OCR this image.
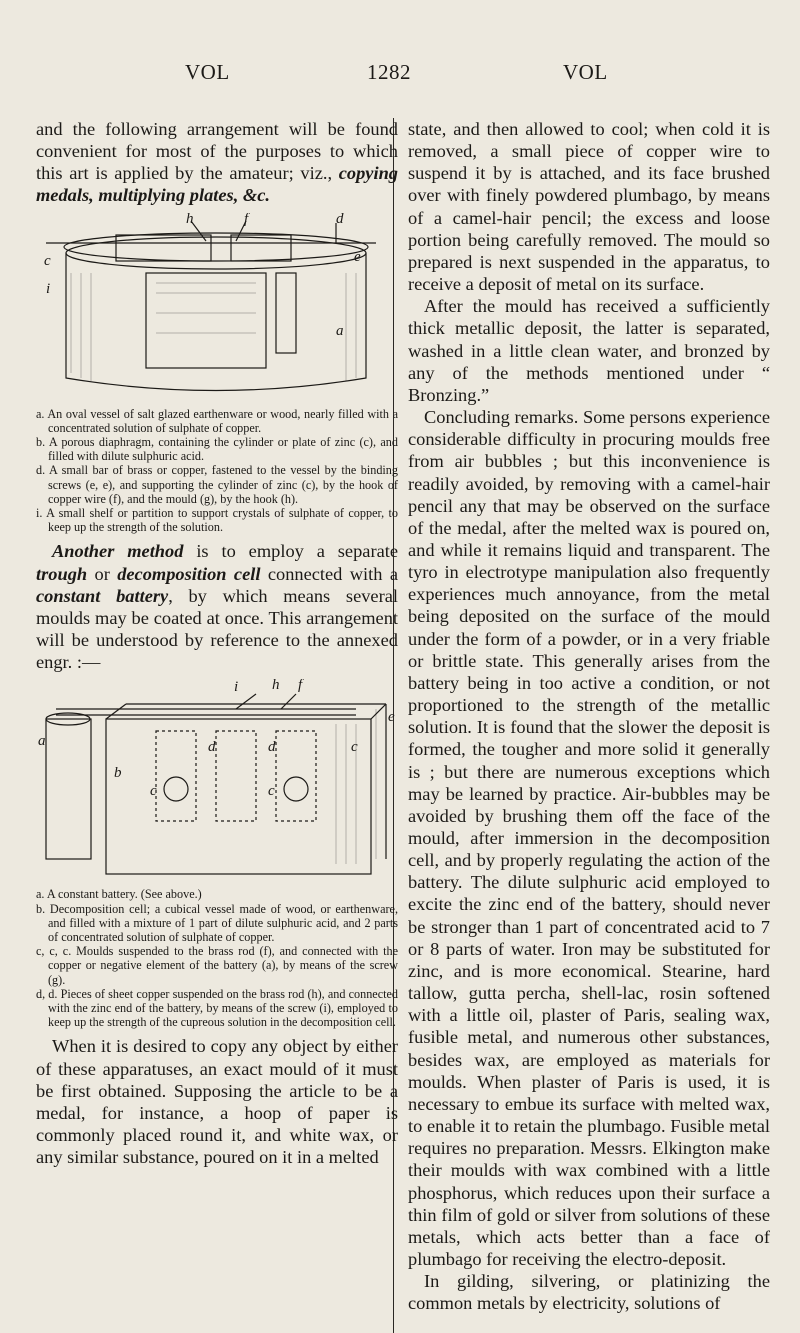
VOL	1282	VOL

and the following arrangement will be found convenient for most of the purposes to which this art is applied by the amateur; viz., copying medals, multiplying plates, &c.

h	f	d
e
c
i
a

a. An oval vessel of salt glazed earthenware or wood, nearly filled with a concentrated solution of sulphate of copper.

b. A porous diaphragm, containing the cylinder or plate of zinc (c), and filled with dilute sulphuric acid.

d. A small bar of brass or copper, fastened to the vessel by the binding screws (e, e), and supporting the cylinder of zinc (c), by the hook of copper wire (f), and the mould (g), by the hook (h).

i. A small shelf or partition to support crystals of sulphate of copper, to keep up the strength of the solution.

Another method is to employ a separate trough or decomposition cell connected with a constant battery, by which means several moulds may be coated at once. This arrangement will be understood by reference to the annexed engr. :—

i h f
e
a
b
d	d
c	c
c

a. A constant battery. (See above.)

b. Decomposition cell; a cubical vessel made of wood, or earthenware, and filled with a mixture of 1 part of dilute sulphuric acid, and 2 parts of concentrated solution of sulphate of copper.

c, c, c. Moulds suspended to the brass rod (f), and connected with the copper or negative element of the battery (a), by means of the screw (g).

d, d. Pieces of sheet copper suspended on the brass rod (h), and connected with the zinc end of the battery, by means of the screw (i), employed to keep up the strength of the cupreous solution in the decomposition cell.

When it is desired to copy any object by either of these apparatuses, an exact mould of it must be first obtained. Supposing the article to be a medal, for instance, a hoop of paper is commonly placed round it, and white wax, or any similar substance, poured on it in a melted

state, and then allowed to cool; when cold it is removed, a small piece of copper wire to suspend it by is attached, and its face brushed over with finely powdered plumbago, by means of a camel-hair pencil; the excess and loose portion being carefully removed. The mould so prepared is next suspended in the apparatus, to receive a deposit of metal on its surface.

After the mould has received a sufficiently thick metallic deposit, the latter is separated, washed in a little clean water, and bronzed by any of the methods mentioned under “ Bronzing.”

Concluding remarks. Some persons experience considerable difficulty in procuring moulds free from air bubbles ; but this inconvenience is readily avoided, by removing with a camel-hair pencil any that may be observed on the surface of the medal, after the melted wax is poured on, and while it remains liquid and transparent. The tyro in electrotype manipulation also frequently experiences much annoyance, from the metal being deposited on the surface of the mould under the form of a powder, or in a very friable or brittle state. This generally arises from the battery being in too active a condition, or not proportioned to the strength of the metallic solution. It is found that the slower the deposit is formed, the tougher and more solid it generally is ; but there are numerous exceptions which may be learned by practice. Air-bubbles may be avoided by brushing them off the face of the mould, after immersion in the decomposition cell, and by properly regulating the action of the battery. The dilute sulphuric acid employed to excite the zinc end of the battery, should never be stronger than 1 part of concentrated acid to 7 or 8 parts of water. Iron may be substituted for zinc, and is more economical. Stearine, hard tallow, gutta percha, shell-lac, rosin softened with a little oil, plaster of Paris, sealing wax, fusible metal, and numerous other substances, besides wax, are employed as materials for moulds. When plaster of Paris is used, it is necessary to embue its surface with melted wax, to enable it to retain the plumbago. Fusible metal requires no preparation. Messrs. Elkington make their moulds with wax combined with a little phosphorus, which reduces upon their surface a thin film of gold or silver from solutions of these metals, which acts better than a face of plumbago for receiving the electro-deposit.

In gilding, silvering, or platinizing the common metals by electricity, solutions of
